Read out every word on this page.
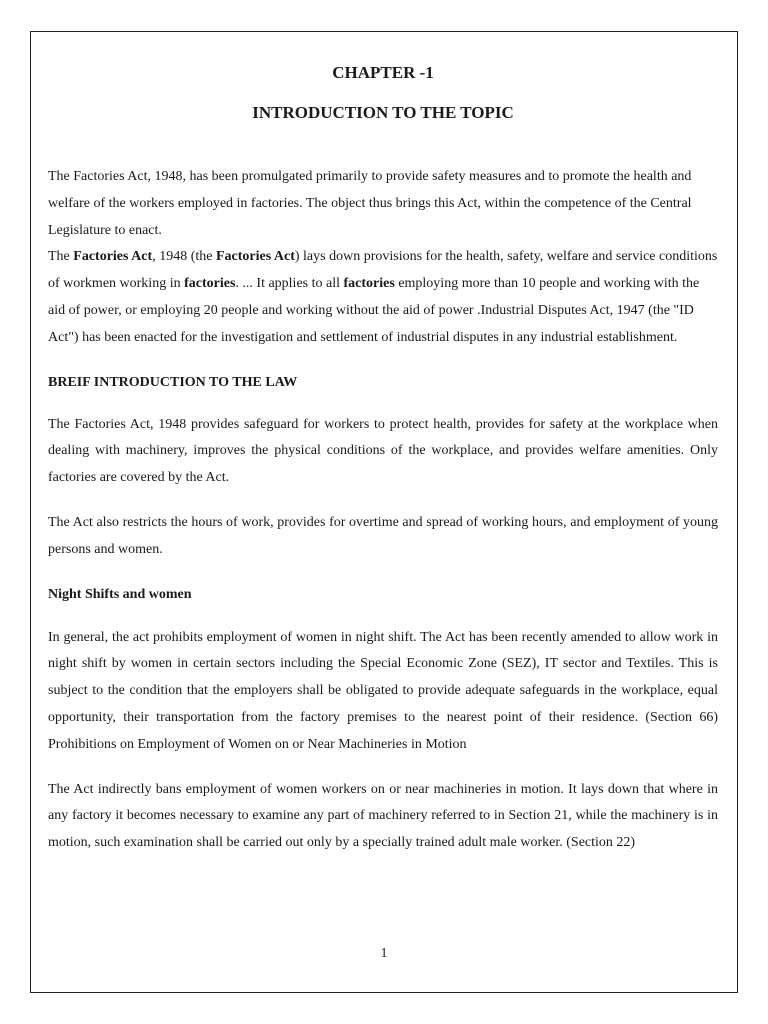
CHAPTER -1
INTRODUCTION TO THE TOPIC

The Factories Act, 1948, has been promulgated primarily to provide safety measures and to promote the health and welfare of the workers employed in factories. The object thus brings this Act, within the competence of the Central Legislature to enact.

The Factories Act, 1948 (the Factories Act) lays down provisions for the health, safety, welfare and service conditions of workmen working in factories. ... It applies to all factories employing more than 10 people and working with the aid of power, or employing 20 people and working without the aid of power .Industrial Disputes Act, 1947 (the "ID Act") has been enacted for the investigation and settlement of industrial disputes in any industrial establishment.

BREIF INTRODUCTION TO THE LAW

The Factories Act, 1948 provides safeguard for workers to protect health, provides for safety at the workplace when dealing with machinery, improves the physical conditions of the workplace, and provides welfare amenities. Only factories are covered by the Act.

The Act also restricts the hours of work, provides for overtime and spread of working hours, and employment of young persons and women.

Night Shifts and women

In general, the act prohibits employment of women in night shift. The Act has been recently amended to allow work in night shift by women in certain sectors including the Special Economic Zone (SEZ), IT sector and Textiles. This is subject to the condition that the employers shall be obligated to provide adequate safeguards in the workplace, equal opportunity, their transportation from the factory premises to the nearest point of their residence. (Section 66) Prohibitions on Employment of Women on or Near Machineries in Motion

The Act indirectly bans employment of women workers on or near machineries in motion. It lays down that where in any factory it becomes necessary to examine any part of machinery referred to in Section 21, while the machinery is in motion, such examination shall be carried out only by a specially trained adult male worker. (Section 22)

1
